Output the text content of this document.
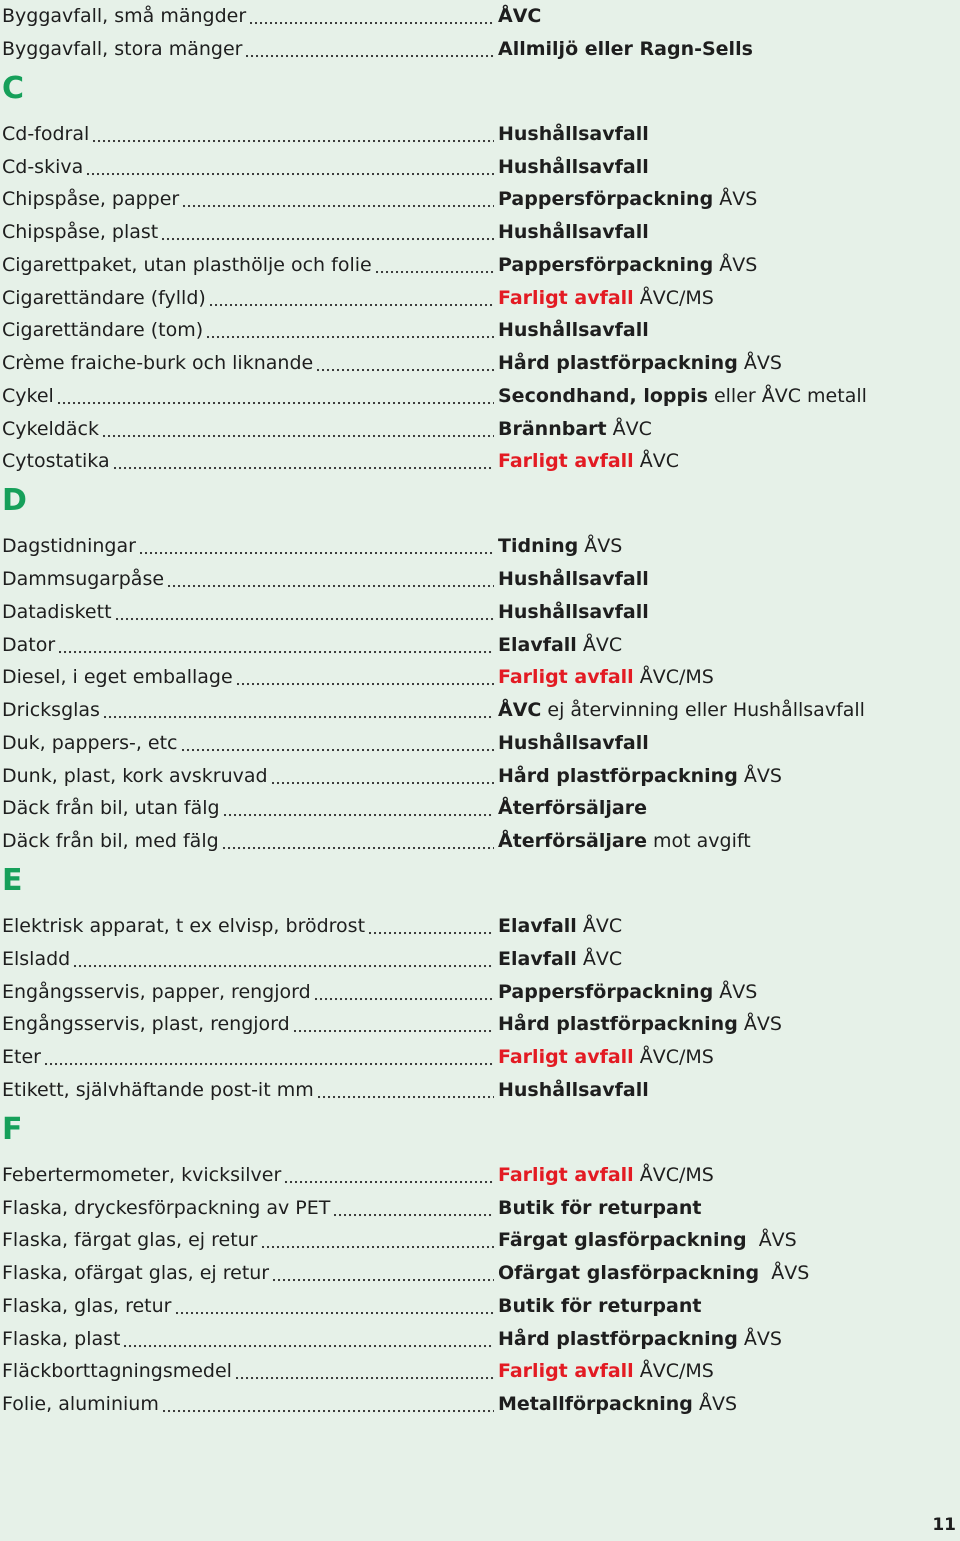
Byggavfall, små mängder	ÅVC
Byggavfall, stora mänger	Allmiljö eller Ragn-Sells
C
Cd-fodral	Hushållsavfall
Cd-skiva	Hushållsavfall
Chipspåse, papper	Pappersförpackning ÅVS
Chipspåse, plast	Hushållsavfall
Cigarettpaket, utan plasthölje och folie	Pappersförpackning ÅVS
Cigarettändare (fylld)	Farligt avfall ÅVC/MS
Cigarettändare (tom)	Hushållsavfall
Crème fraiche-burk och liknande	Hård plastförpackning ÅVS
Cykel	Secondhand, loppis eller ÅVC metall
Cykeldäck	Brännbart ÅVC
Cytostatika	Farligt avfall ÅVC
D
Dagstidningar	Tidning ÅVS
Dammsugarpåse	Hushållsavfall
Datadiskett	Hushållsavfall
Dator	Elavfall ÅVC
Diesel, i eget emballage	Farligt avfall ÅVC/MS
Dricksglas	ÅVC ej återvinning eller Hushållsavfall
Duk, pappers-, etc	Hushållsavfall
Dunk, plast, kork avskruvad	Hård plastförpackning ÅVS
Däck från bil, utan fälg	Återförsäljare
Däck från bil, med fälg	Återförsäljare mot avgift
E
Elektrisk apparat, t ex elvisp, brödrost	Elavfall ÅVC
Elsladd	Elavfall ÅVC
Engångsservis, papper, rengjord	Pappersförpackning ÅVS
Engångsservis, plast, rengjord	Hård plastförpackning ÅVS
Eter	Farligt avfall ÅVC/MS
Etikett, självhäftande post-it mm	Hushållsavfall
F
Febertermometer, kvicksilver	Farligt avfall ÅVC/MS
Flaska, dryckesförpackning av PET	Butik för returpant
Flaska, färgat glas, ej retur	Färgat glasförpackning  ÅVS
Flaska, ofärgat glas, ej retur	Ofärgat glasförpackning  ÅVS
Flaska, glas, retur	Butik för returpant
Flaska, plast	Hård plastförpackning ÅVS
Fläckborttagningsmedel	Farligt avfall ÅVC/MS
Folie, aluminium	Metallförpackning ÅVS
11
